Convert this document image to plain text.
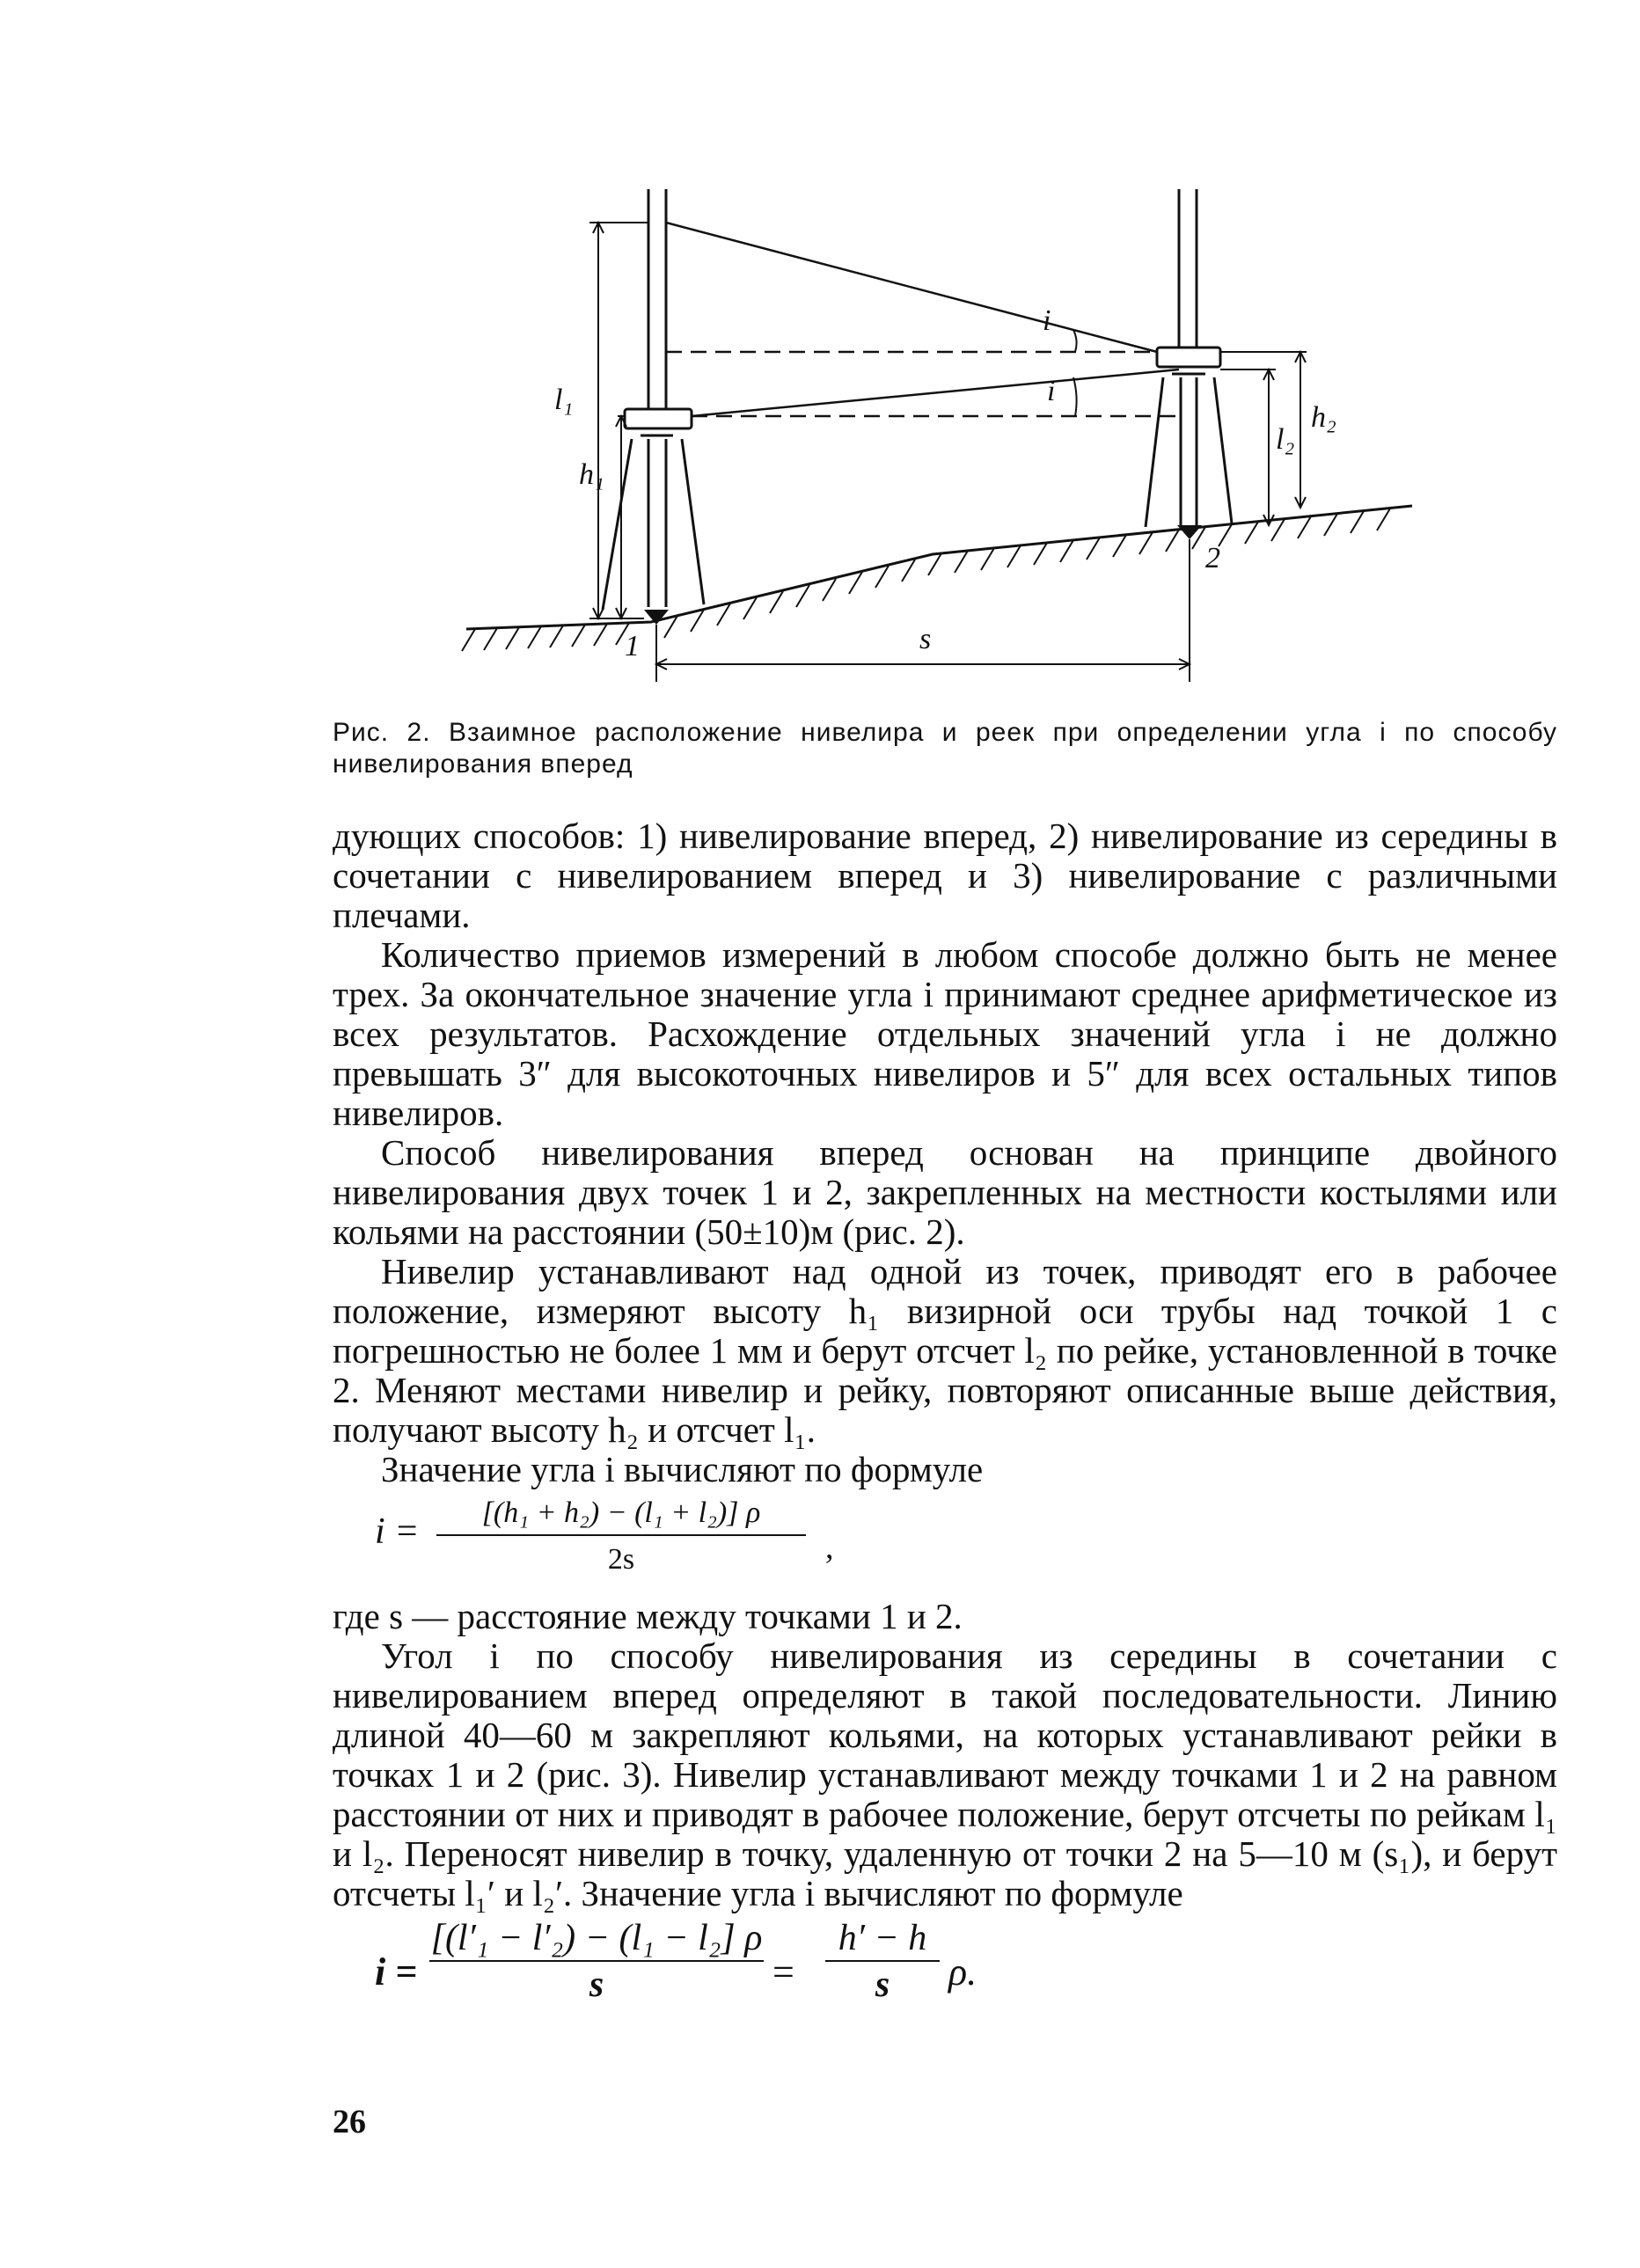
l₁
h₁
l₂
h₂
i
i
1
2
s
Рис. 2. Взаимное расположение нивелира и реек при определении угла i по способу нивелирования вперед

дующих способов: 1) нивелирование вперед, 2) нивелирование из середины в сочетании с нивелированием вперед и 3) нивелирование с различными плечами.

Количество приемов измерений в любом способе должно быть не менее трех. За окончательное значение угла i принимают среднее арифметическое из всех результатов. Расхождение отдельных значений угла i не должно превышать 3″ для высокоточных нивелиров и 5″ для всех остальных типов нивелиров.

Способ нивелирования вперед основан на принципе двойного нивелирования двух точек 1 и 2, закрепленных на местности костылями или кольями на расстоянии (50±10)м (рис. 2).

Нивелир устанавливают над одной из точек, приводят его в рабочее положение, измеряют высоту h₁ визирной оси трубы над точкой 1 с погрешностью не более 1 мм и берут отсчет l₂ по рейке, установленной в точке 2. Меняют местами нивелир и рейку, повторяют описанные выше действия, получают высоту h₂ и отсчет l₁.

Значение угла i вычисляют по формуле

$i = \frac{\text{[(h₁ + h₂) − (l₁ + l₂)] ρ}}{2s}$ ,

где s — расстояние между точками 1 и 2.

Угол i по способу нивелирования из середины в сочетании с нивелированием вперед определяют в такой последовательности. Линию длиной 40—60 м закрепляют кольями, на которых устанавливают рейки в точках 1 и 2 (рис. 3). Нивелир устанавливают между точками 1 и 2 на равном расстоянии от них и приводят в рабочее положение, берут отсчеты по рейкам l₁ и l₂. Переносят нивелир в точку, удаленную от точки 2 на 5—10 м (s₁), и берут отсчеты l₁′ и l₂′. Значение угла i вычисляют по формуле

$i = \frac{\text{[(l′₁ − l′₂) − (l₁ − l₂] ρ}}{s} = \frac{h' - h}{s} \rho$.
26
